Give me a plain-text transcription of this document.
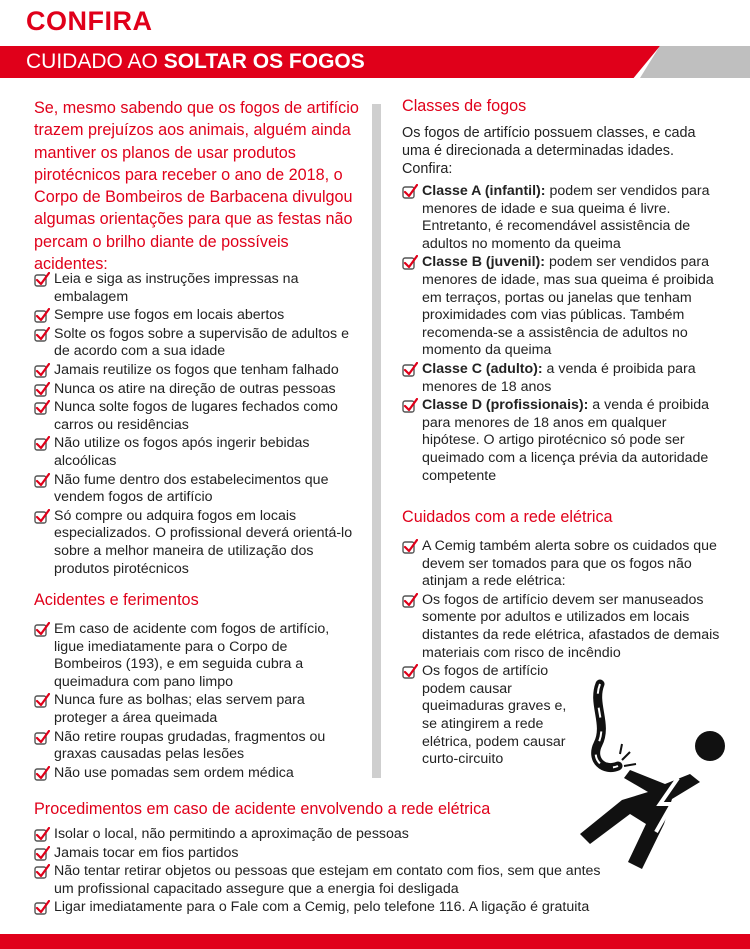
CONFIRA
CUIDADO AO SOLTAR OS FOGOS
Se, mesmo sabendo que os fogos de artifício trazem prejuízos aos animais, alguém ainda mantiver os planos de usar produtos pirotécnicos para receber o ano de 2018, o Corpo de Bombeiros de Barbacena divulgou algumas orientações para que as festas não percam o brilho diante de possíveis acidentes:
Leia e siga as instruções impressas na embalagem
Sempre use fogos em locais abertos
Solte os fogos sobre a supervisão de adultos e de acordo com a sua idade
Jamais reutilize os fogos que tenham falhado
Nunca os atire na direção de outras pessoas
Nunca solte fogos de lugares fechados como carros ou residências
Não utilize os fogos após ingerir bebidas alcoólicas
Não fume dentro dos estabelecimentos que vendem fogos de artifício
Só compre ou adquira fogos em locais especializados. O profissional deverá orientá-lo sobre a melhor maneira de utilização dos produtos pirotécnicos
Acidentes e ferimentos
Em caso de acidente com fogos de artifício, ligue imediatamente para o Corpo de Bombeiros (193), e em seguida cubra a queimadura com pano limpo
Nunca fure as bolhas; elas servem para proteger a área queimada
Não retire roupas grudadas, fragmentos ou graxas causadas pelas lesões
Não use pomadas sem ordem médica
Classes de fogos
Os fogos de artifício possuem classes, e cada uma é direcionada a determinadas idades. Confira:
Classe A (infantil): podem ser vendidos para menores de idade e sua queima é livre. Entretanto, é recomendável assistência de adultos no momento da queima
Classe B (juvenil): podem ser vendidos para menores de idade, mas sua queima é proibida em terraços, portas ou janelas que tenham proximidades com vias públicas. Também recomenda-se a assistência de adultos no momento da queima
Classe C (adulto): a venda é proibida para menores de 18 anos
Classe D (profissionais): a venda é proibida para menores de 18 anos em qualquer hipótese. O artigo pirotécnico só pode ser queimado com a licença prévia da autoridade competente
Cuidados com a rede elétrica
A Cemig também alerta sobre os cuidados que devem ser tomados para que os fogos não atinjam a rede elétrica:
Os fogos de artifício devem ser manuseados somente por adultos e utilizados em locais distantes da rede elétrica, afastados de demais materiais com risco de incêndio
Os fogos de artifício podem causar queimaduras graves e, se atingirem a rede elétrica, podem causar curto-circuito
Procedimentos em caso de acidente envolvendo a rede elétrica
Isolar o local, não permitindo a aproximação de pessoas
Jamais tocar em fios partidos
Não tentar retirar objetos ou pessoas que estejam em contato com fios, sem que antes um profissional capacitado assegure que a energia foi desligada
Ligar imediatamente para o Fale com a Cemig, pelo telefone 116. A ligação é gratuita
